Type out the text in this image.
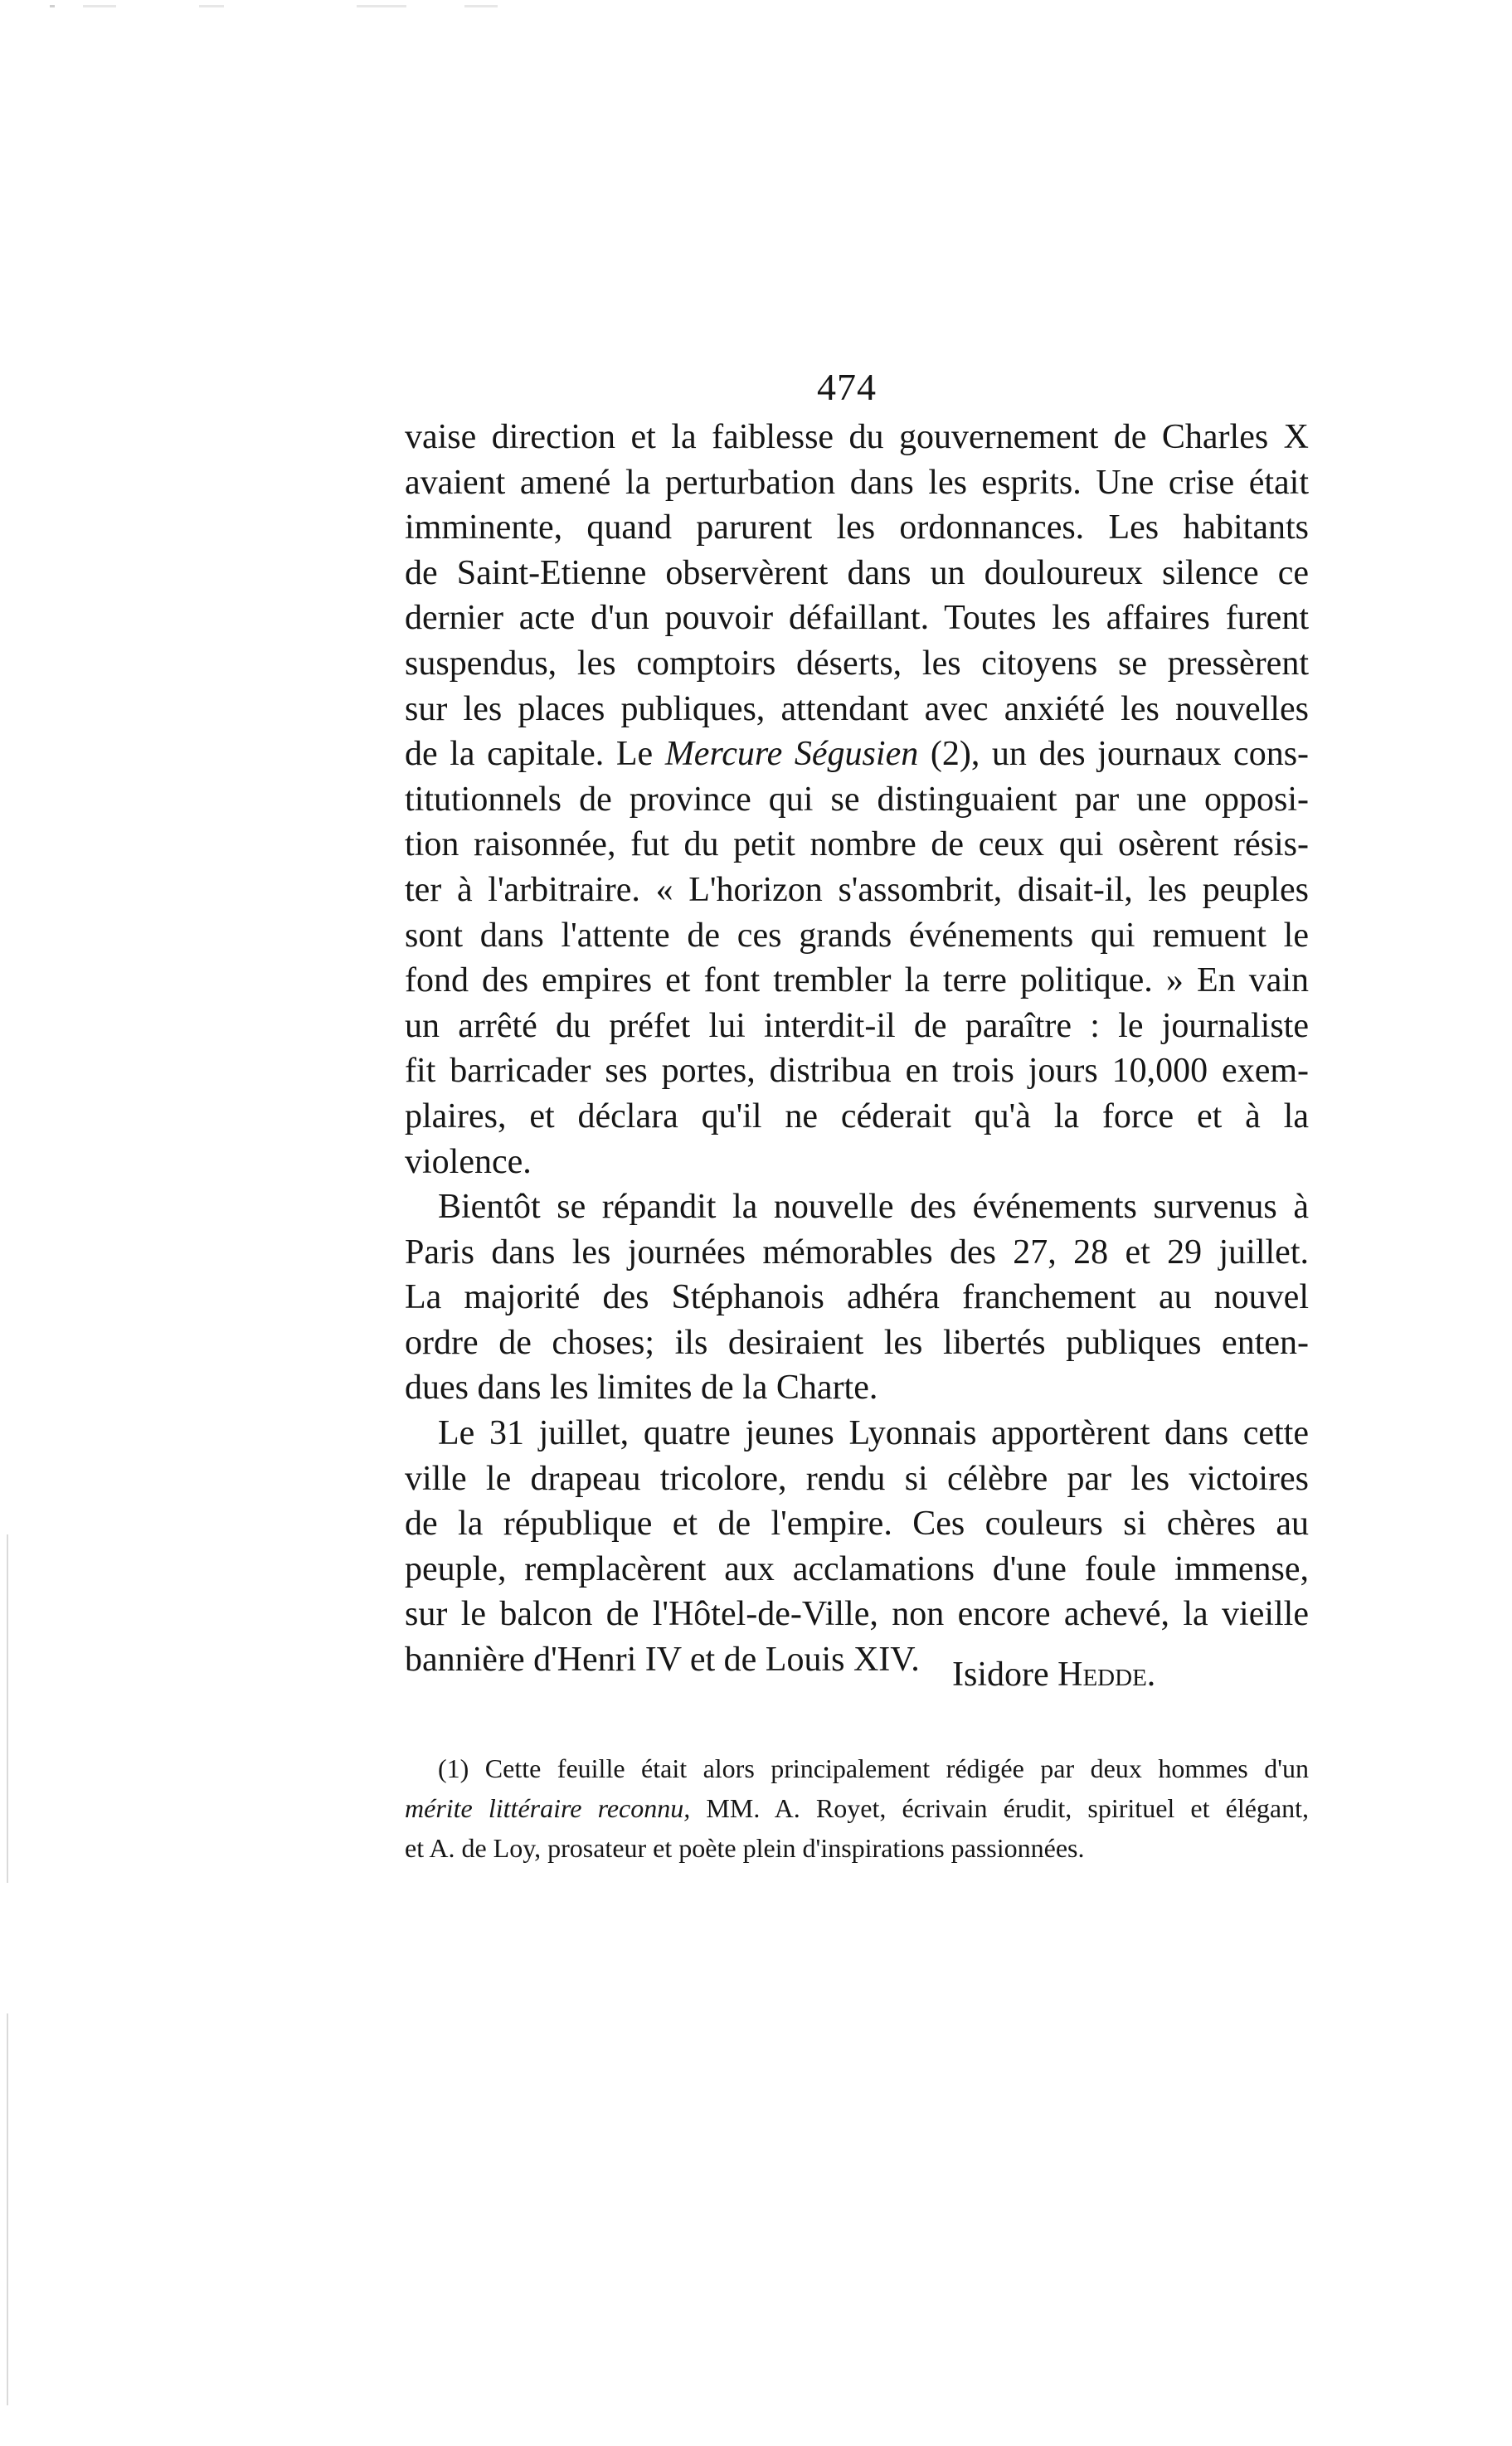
474
vaise direction et la faiblesse du gouvernement de Charles X
avaient amené la perturbation dans les esprits. Une crise était
imminente, quand parurent les ordonnances. Les habitants
de Saint-Etienne observèrent dans un douloureux silence ce
dernier acte d'un pouvoir défaillant. Toutes les affaires furent
suspendus, les comptoirs déserts, les citoyens se pressèrent
sur les places publiques, attendant avec anxiété les nouvelles
de la capitale. Le Mercure Ségusien (2), un des journaux cons-
titutionnels de province qui se distinguaient par une opposi-
tion raisonnée, fut du petit nombre de ceux qui osèrent résis-
ter à l'arbitraire. « L'horizon s'assombrit, disait-il, les peuples
sont dans l'attente de ces grands événements qui remuent le
fond des empires et font trembler la terre politique. » En vain
un arrêté du préfet lui interdit-il de paraître : le journaliste
fit barricader ses portes, distribua en trois jours 10,000 exem-
plaires, et déclara qu'il ne céderait qu'à la force et à la
violence.
Bientôt se répandit la nouvelle des événements survenus à
Paris dans les journées mémorables des 27, 28 et 29 juillet.
La majorité des Stéphanois adhéra franchement au nouvel
ordre de choses; ils desiraient les libertés publiques enten-
dues dans les limites de la Charte.
Le 31 juillet, quatre jeunes Lyonnais apportèrent dans cette
ville le drapeau tricolore, rendu si célèbre par les victoires
de la république et de l'empire. Ces couleurs si chères au
peuple, remplacèrent aux acclamations d'une foule immense,
sur le balcon de l'Hôtel-de-Ville, non encore achevé, la vieille
bannière d'Henri IV et de Louis XIV. Isidore Hedde.
(1) Cette feuille était alors principalement rédigée par deux hommes d'un
mérite littéraire reconnu, MM. A. Royet, écrivain érudit, spirituel et élégant,
et A. de Loy, prosateur et poète plein d'inspirations passionnées.
